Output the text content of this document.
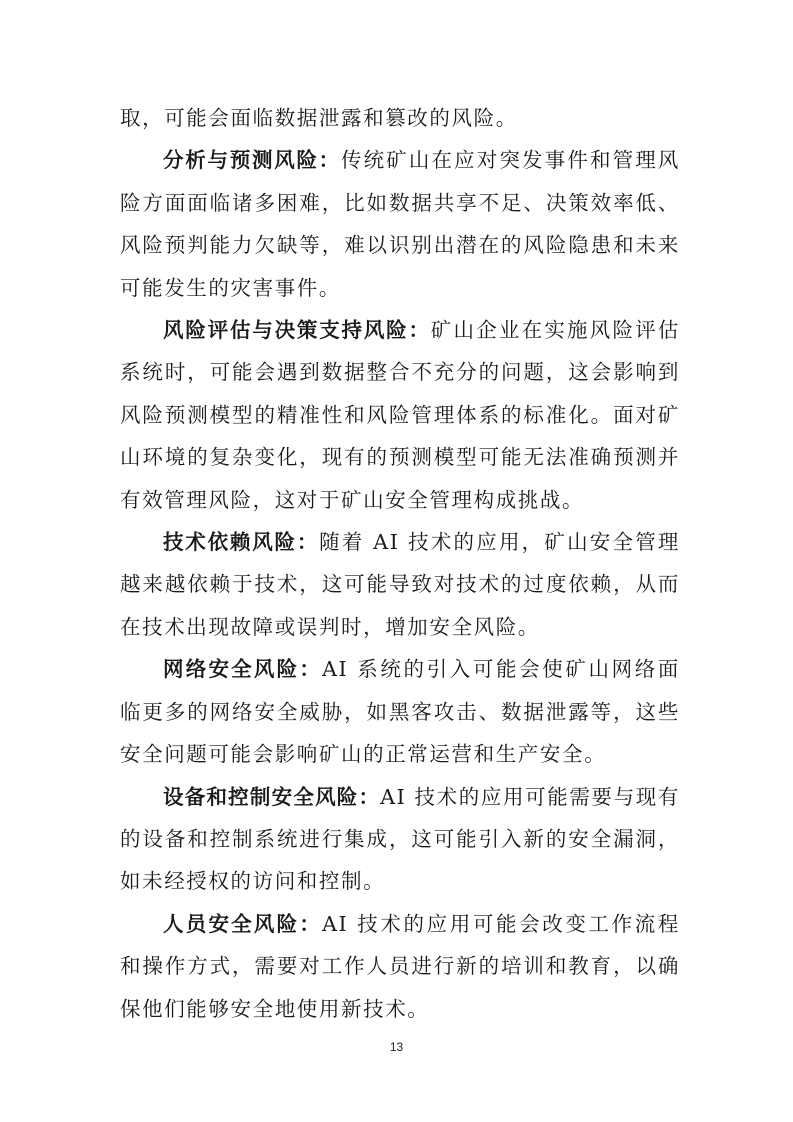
取，可能会面临数据泄露和篡改的风险。

分析与预测风险：传统矿山在应对突发事件和管理风险方面面临诸多困难，比如数据共享不足、决策效率低、风险预判能力欠缺等，难以识别出潜在的风险隐患和未来可能发生的灾害事件。

风险评估与决策支持风险：矿山企业在实施风险评估系统时，可能会遇到数据整合不充分的问题，这会影响到风险预测模型的精准性和风险管理体系的标准化。面对矿山环境的复杂变化，现有的预测模型可能无法准确预测并有效管理风险，这对于矿山安全管理构成挑战。

技术依赖风险：随着 AI 技术的应用，矿山安全管理越来越依赖于技术，这可能导致对技术的过度依赖，从而在技术出现故障或误判时，增加安全风险。

网络安全风险：AI 系统的引入可能会使矿山网络面临更多的网络安全威胁，如黑客攻击、数据泄露等，这些安全问题可能会影响矿山的正常运营和生产安全。

设备和控制安全风险：AI 技术的应用可能需要与现有的设备和控制系统进行集成，这可能引入新的安全漏洞，如未经授权的访问和控制。

人员安全风险：AI 技术的应用可能会改变工作流程和操作方式，需要对工作人员进行新的培训和教育，以确保他们能够安全地使用新技术。

13
